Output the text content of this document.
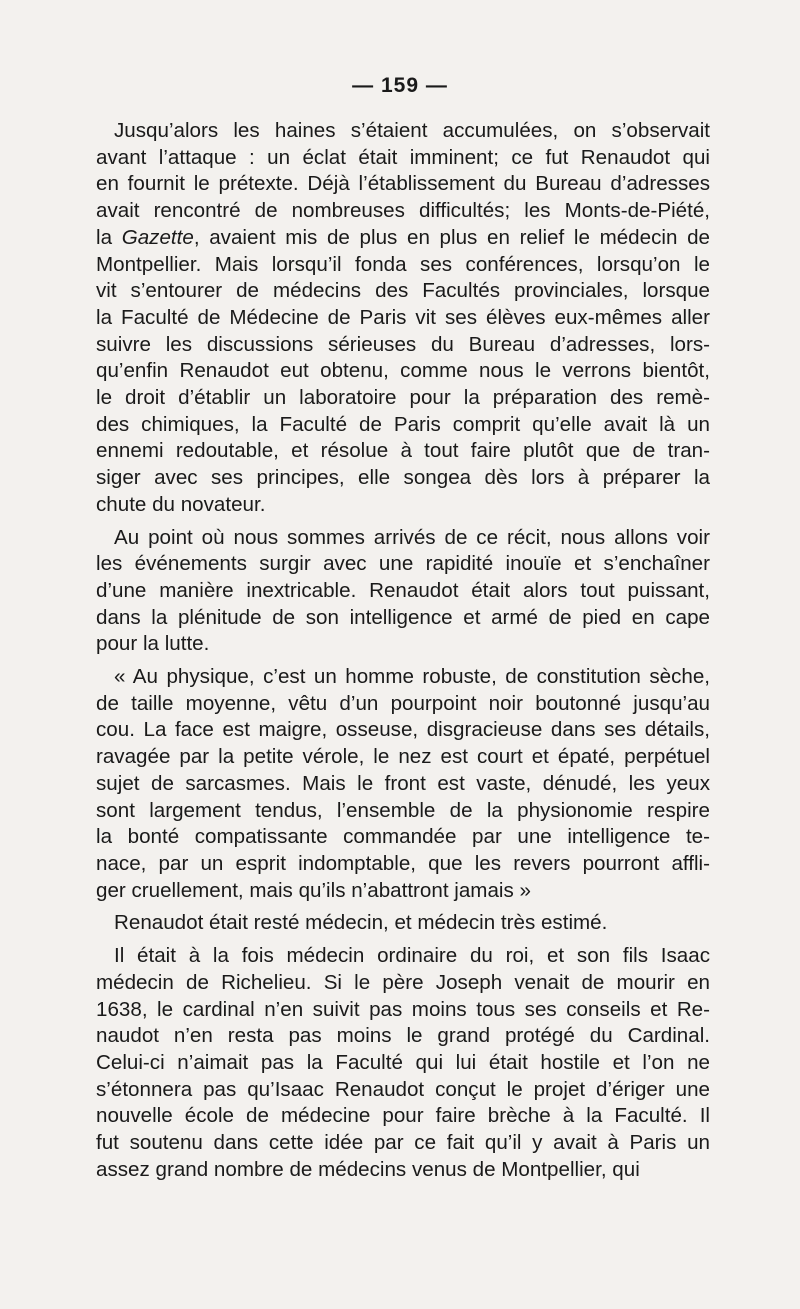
— 159 —
Jusqu’alors les haines s’étaient accumulées, on s’observait
avant l’attaque : un éclat était imminent; ce fut Renaudot qui
en fournit le prétexte. Déjà l’établissement du Bureau d’adresses
avait rencontré de nombreuses difficultés; les Monts-de-Piété,
la Gazette, avaient mis de plus en plus en relief le médecin de
Montpellier. Mais lorsqu’il fonda ses conférences, lorsqu’on le
vit s’entourer de médecins des Facultés provinciales, lorsque
la Faculté de Médecine de Paris vit ses élèves eux-mêmes aller
suivre les discussions sérieuses du Bureau d’adresses, lors-
qu’enfin Renaudot eut obtenu, comme nous le verrons bientôt,
le droit d’établir un laboratoire pour la préparation des remè-
des chimiques, la Faculté de Paris comprit qu’elle avait là un
ennemi redoutable, et résolue à tout faire plutôt que de tran-
siger avec ses principes, elle songea dès lors à préparer la
chute du novateur.
Au point où nous sommes arrivés de ce récit, nous allons voir
les événements surgir avec une rapidité inouïe et s’enchaîner
d’une manière inextricable. Renaudot était alors tout puissant,
dans la plénitude de son intelligence et armé de pied en cape
pour la lutte.
« Au physique, c’est un homme robuste, de constitution sèche,
de taille moyenne, vêtu d’un pourpoint noir boutonné jusqu’au
cou. La face est maigre, osseuse, disgracieuse dans ses détails,
ravagée par la petite vérole, le nez est court et épaté, perpétuel
sujet de sarcasmes. Mais le front est vaste, dénudé, les yeux
sont largement tendus, l’ensemble de la physionomie respire
la bonté compatissante commandée par une intelligence te-
nace, par un esprit indomptable, que les revers pourront affli-
ger cruellement, mais qu’ils n’abattront jamais »
Renaudot était resté médecin, et médecin très estimé.
Il était à la fois médecin ordinaire du roi, et son fils Isaac
médecin de Richelieu. Si le père Joseph venait de mourir en
1638, le cardinal n’en suivit pas moins tous ses conseils et Re-
naudot n’en resta pas moins le grand protégé du Cardinal.
Celui-ci n’aimait pas la Faculté qui lui était hostile et l’on ne
s’étonnera pas qu’Isaac Renaudot conçut le projet d’ériger une
nouvelle école de médecine pour faire brèche à la Faculté. Il
fut soutenu dans cette idée par ce fait qu’il y avait à Paris un
assez grand nombre de médecins venus de Montpellier, qui
